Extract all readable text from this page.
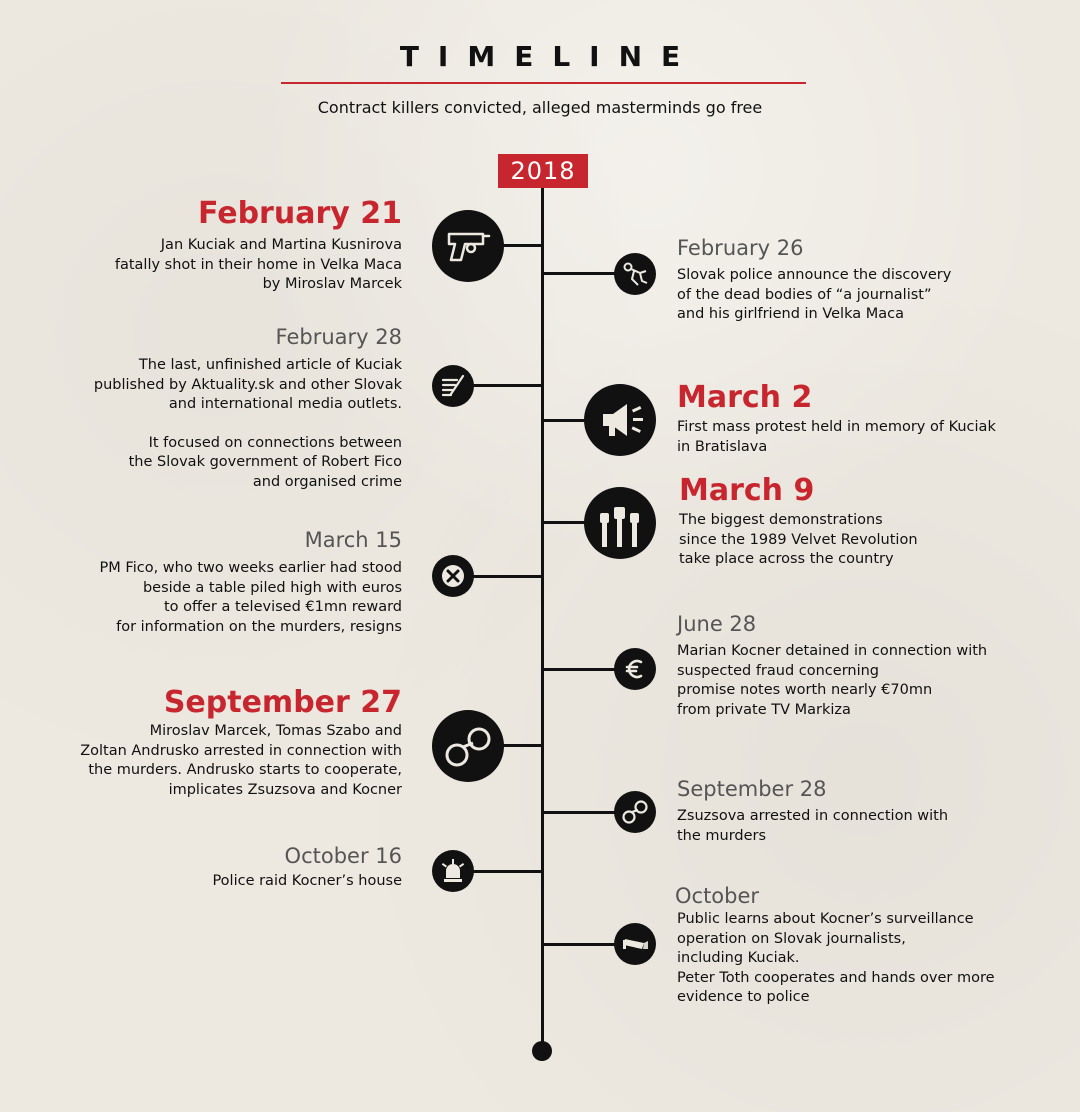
TIMELINE
Contract killers convicted, alleged masterminds go free
2018
February 21
Jan Kuciak and Martina Kusnirova
fatally shot in their home in Velka Maca
by Miroslav Marcek
February 26
Slovak police announce the discovery
of the dead bodies of “a journalist”
and his girlfriend in Velka Maca
February 28
The last, unfinished article of Kuciak
published by Aktuality.sk and other Slovak
and international media outlets.
It focused on connections between
the Slovak government of Robert Fico
and organised crime
March 2
First mass protest held in memory of Kuciak
in Bratislava
March 9
The biggest demonstrations
since the 1989 Velvet Revolution
take place across the country
March 15
PM Fico, who two weeks earlier had stood
beside a table piled high with euros
to offer a televised €1mn reward
for information on the murders, resigns	June 28
Marian Kocner detained in connection with
suspected fraud concerning
promise notes worth nearly €70mn
from private TV Markiza
September 27
Miroslav Marcek, Tomas Szabo and
Zoltan Andrusko arrested in connection with
the murders. Andrusko starts to cooperate,
implicates Zsuzsova and Kocner	September 28
Zsuzsova arrested in connection with
the murders
October 16
Police raid Kocner’s house
October
Public learns about Kocner’s surveillance
operation on Slovak journalists,
including Kuciak.
Peter Toth cooperates and hands over more
evidence to police
